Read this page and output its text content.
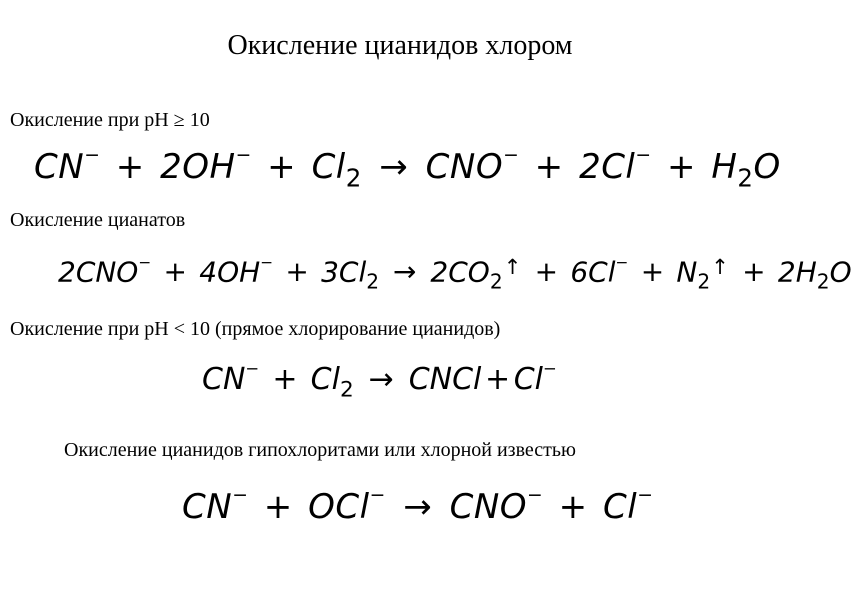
Окисление цианидов хлором
Окисление при pH ≥ 10
$CN^- + 2OH^- + Cl_2 \to CNO^- + 2Cl^- + H_2O$
Окисление цианатов
$2CNO^- + 4OH^- + 3Cl_2 \to 2CO_2^↑ + 6Cl^- + N_2^↑ + 2H_2O$
Окисление при pH < 10 (прямое хлорирование цианидов)
$CN^- + Cl_2$ → CNCl + Cl−
Окисление цианидов гипохлоритами или хлорной известью
CN− + OCl− → CNO− + Cl−
